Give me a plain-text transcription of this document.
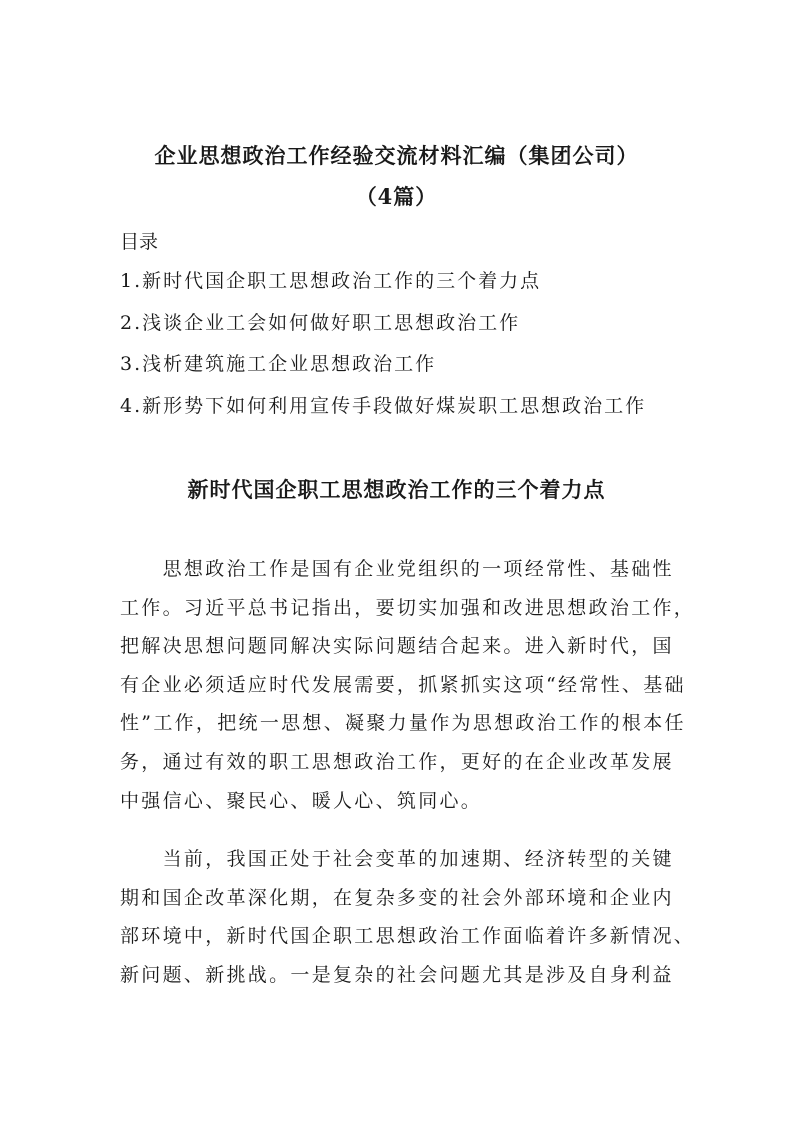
企业思想政治工作经验交流材料汇编（集团公司）
（4篇）
目录
1.新时代国企职工思想政治工作的三个着力点
2.浅谈企业工会如何做好职工思想政治工作
3.浅析建筑施工企业思想政治工作
4.新形势下如何利用宣传手段做好煤炭职工思想政治工作
新时代国企职工思想政治工作的三个着力点
　　思想政治工作是国有企业党组织的一项经常性、基础性
工作。习近平总书记指出，要切实加强和改进思想政治工作，
把解决思想问题同解决实际问题结合起来。进入新时代，国
有企业必须适应时代发展需要，抓紧抓实这项“经常性、基础
性”工作，把统一思想、凝聚力量作为思想政治工作的根本任
务，通过有效的职工思想政治工作，更好的在企业改革发展
中强信心、聚民心、暖人心、筑同心。
　　当前，我国正处于社会变革的加速期、经济转型的关键
期和国企改革深化期，在复杂多变的社会外部环境和企业内
部环境中，新时代国企职工思想政治工作面临着许多新情况、
新问题、新挑战。一是复杂的社会问题尤其是涉及自身利益
